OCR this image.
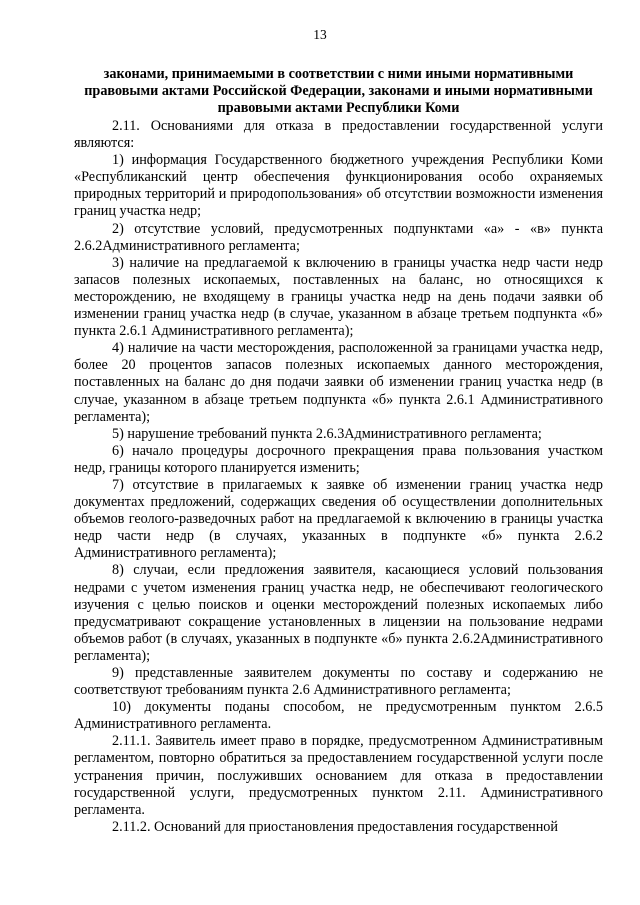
13
законами, принимаемыми в соответствии с ними иными нормативными правовыми актами Российской Федерации, законами и иными нормативными правовыми актами Республики Коми

2.11. Основаниями для отказа в предоставлении государственной услуги являются:

1) информация Государственного бюджетного учреждения Республики Коми «Республиканский центр обеспечения функционирования особо охраняемых природных территорий и природопользования» об отсутствии возможности изменения границ участка недр;

2) отсутствие условий, предусмотренных подпунктами «а» - «в» пункта 2.6.2Административного регламента;

3) наличие на предлагаемой к включению в границы участка недр части недр запасов полезных ископаемых, поставленных на баланс, но относящихся к месторождению, не входящему в границы участка недр на день подачи заявки об изменении границ участка недр (в случае, указанном в абзаце третьем подпункта «б» пункта 2.6.1 Административного регламента);

4) наличие на части месторождения, расположенной за границами участка недр, более 20 процентов запасов полезных ископаемых данного месторождения, поставленных на баланс до дня подачи заявки об изменении границ участка недр (в случае, указанном в абзаце третьем подпункта «б» пункта 2.6.1 Административного регламента);

5) нарушение требований пункта 2.6.3Административного регламента;

6) начало процедуры досрочного прекращения права пользования участком недр, границы которого планируется изменить;

7) отсутствие в прилагаемых к заявке об изменении границ участка недр документах предложений, содержащих сведения об осуществлении дополнительных объемов геолого-разведочных работ на предлагаемой к включению в границы участка недр части недр (в случаях, указанных в подпункте «б» пункта 2.6.2 Административного регламента);

8) случаи, если предложения заявителя, касающиеся условий пользования недрами с учетом изменения границ участка недр, не обеспечивают геологического изучения с целью поисков и оценки месторождений полезных ископаемых либо предусматривают сокращение установленных в лицензии на пользование недрами объемов работ (в случаях, указанных в подпункте «б» пункта 2.6.2Административного регламента);

9) представленные заявителем документы по составу и содержанию не соответствуют требованиям пункта 2.6 Административного регламента;

10) документы поданы способом, не предусмотренным пунктом 2.6.5 Административного регламента.

2.11.1. Заявитель имеет право в порядке, предусмотренном Административным регламентом, повторно обратиться за предоставлением государственной услуги после устранения причин, послуживших основанием для отказа в предоставлении государственной услуги, предусмотренных пунктом 2.11. Административного регламента.

2.11.2. Оснований для приостановления предоставления государственной
